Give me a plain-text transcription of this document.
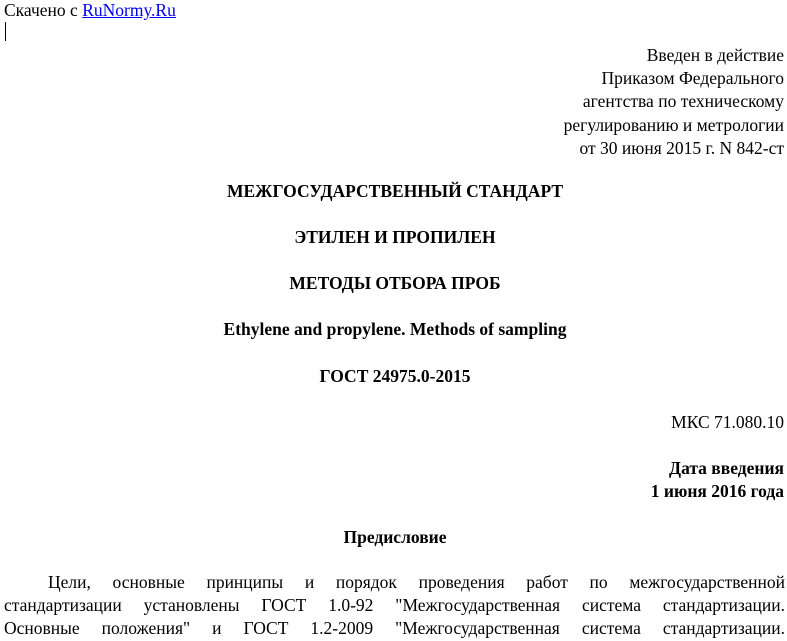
Скачено с RuNormy.Ru
Введен в действие
Приказом Федерального
агентства по техническому
регулированию и метрологии
от 30 июня 2015 г. N 842-ст
МЕЖГОСУДАРСТВЕННЫЙ СТАНДАРТ
ЭТИЛЕН И ПРОПИЛЕН
МЕТОДЫ ОТБОРА ПРОБ
Ethylene and propylene. Methods of sampling
ГОСТ 24975.0-2015
МКС 71.080.10
Дата введения
1 июня 2016 года
Предисловие
Цели, основные принципы и порядок проведения работ по межгосударственной
стандартизации установлены ГОСТ 1.0-92 "Межгосударственная система стандартизации.
Основные положения" и ГОСТ 1.2-2009 "Межгосударственная система стандартизации.
